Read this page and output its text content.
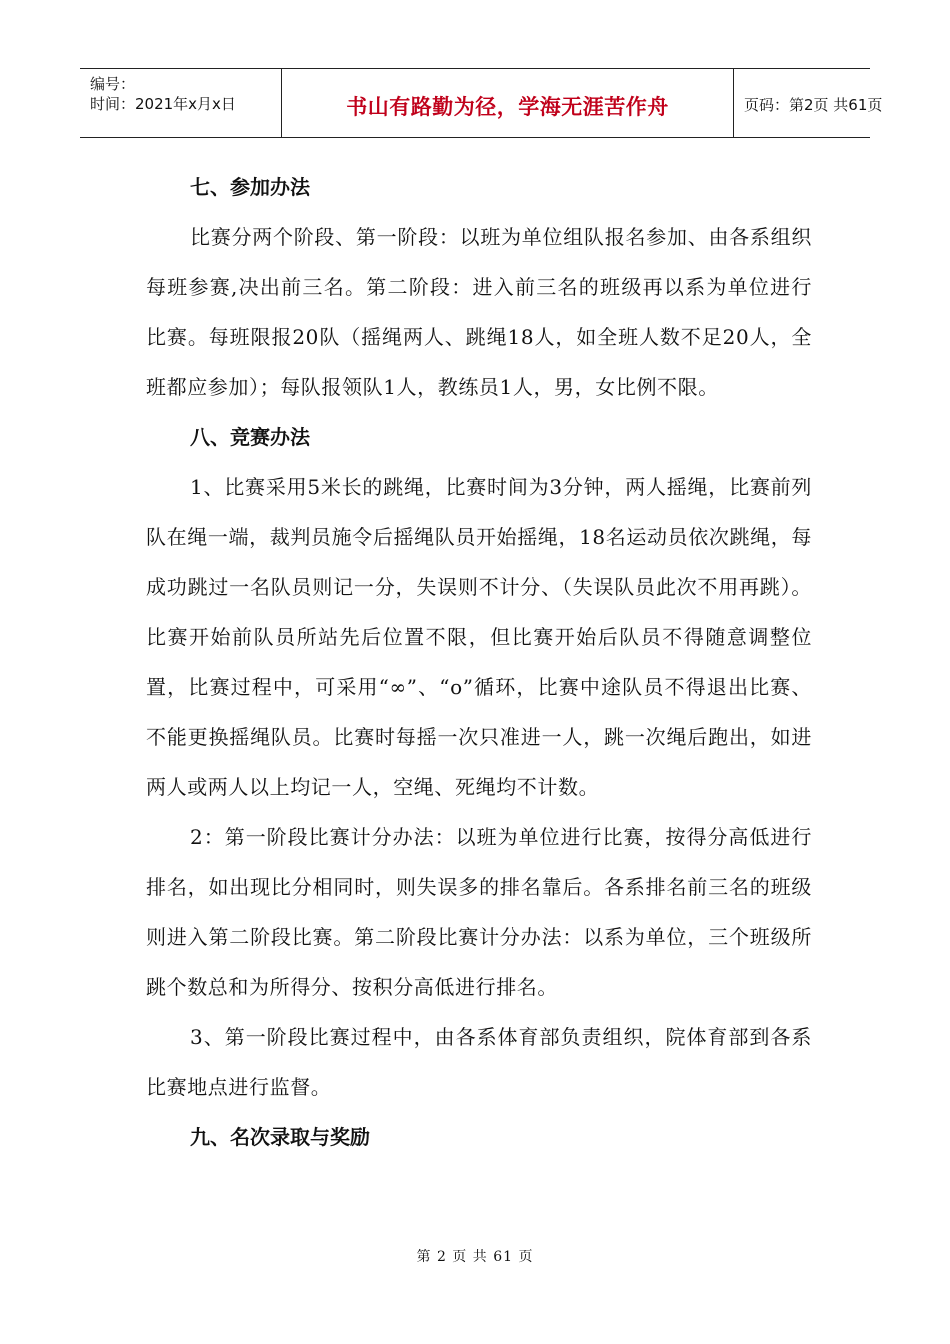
编号：
时间：2021年x月x日	书山有路勤为径，学海无涯苦作舟	页码：第2页 共61页
七、参加办法

比赛分两个阶段、第一阶段：以班为单位组队报名参加、由各系组织每班参赛,决出前三名。第二阶段：进入前三名的班级再以系为单位进行比赛。每班限报20队（摇绳两人、跳绳18人，如全班人数不足20人，全班都应参加）；每队报领队1人，教练员1人，男，女比例不限。

八、竞赛办法

1、比赛采用5米长的跳绳，比赛时间为3分钟，两人摇绳，比赛前列队在绳一端，裁判员施令后摇绳队员开始摇绳，18名运动员依次跳绳，每成功跳过一名队员则记一分，失误则不计分、（失误队员此次不用再跳）。比赛开始前队员所站先后位置不限，但比赛开始后队员不得随意调整位置，比赛过程中，可采用“∞”、“o”循环，比赛中途队员不得退出比赛、不能更换摇绳队员。比赛时每摇一次只准进一人，跳一次绳后跑出，如进两人或两人以上均记一人，空绳、死绳均不计数。

2：第一阶段比赛计分办法：以班为单位进行比赛，按得分高低进行排名，如出现比分相同时，则失误多的排名靠后。各系排名前三名的班级则进入第二阶段比赛。第二阶段比赛计分办法：以系为单位，三个班级所跳个数总和为所得分、按积分高低进行排名。

3、第一阶段比赛过程中，由各系体育部负责组织，院体育部到各系比赛地点进行监督。

九、名次录取与奖励
第 2 页 共 61 页
